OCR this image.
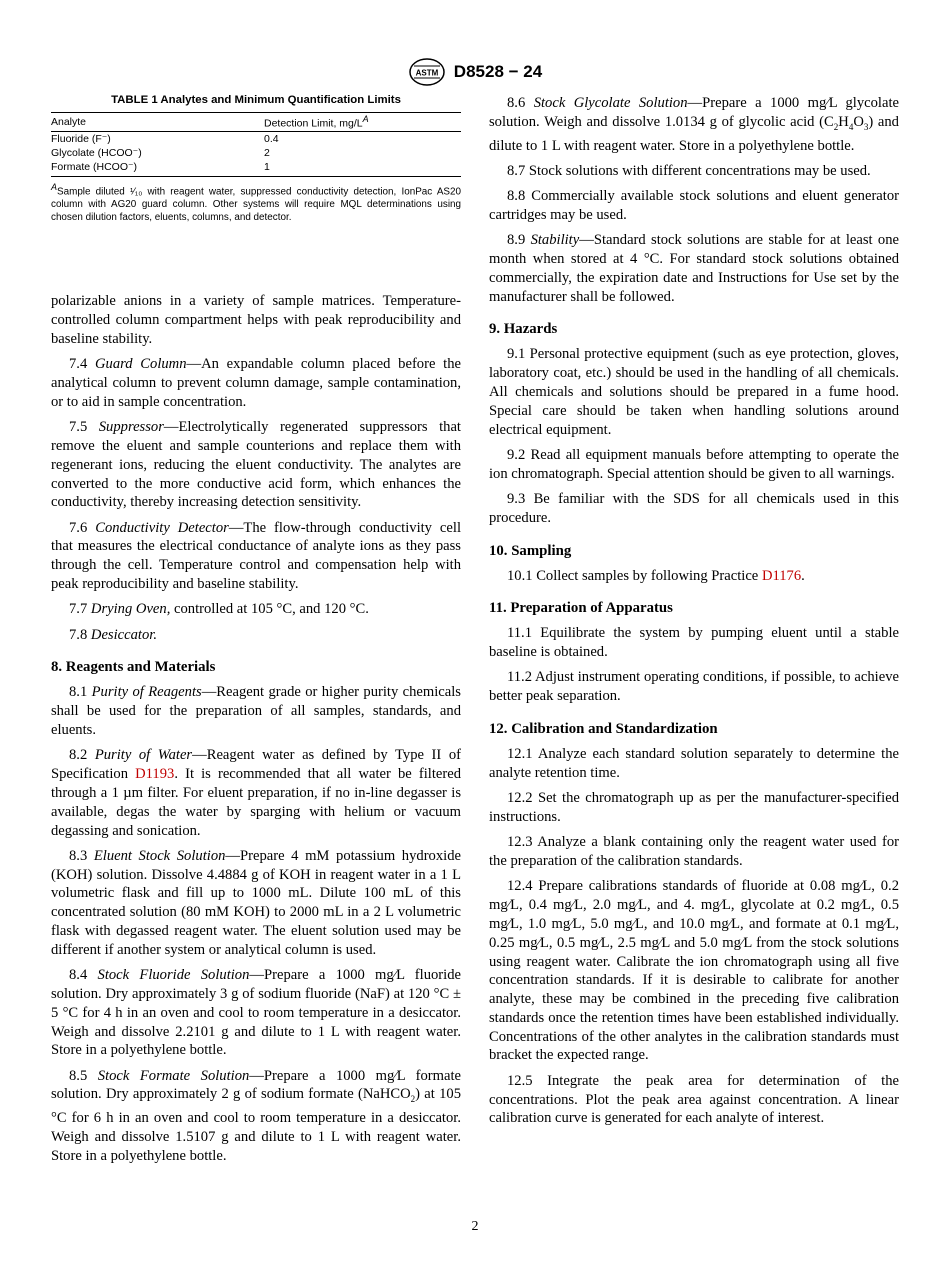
ASTM D8528 − 24
TABLE 1 Analytes and Minimum Quantification Limits
Analyte	Detection Limit, $mg/L^A$
Fluoride (F⁻)	0.4
Glycolate (HCOO⁻)	2
Formate (HCOO⁻)	1
$^A$Sample diluted ¹⁄₁₀ with reagent water, suppressed conductivity detection, IonPac AS20 column with AG20 guard column. Other systems will require MQL determinations using chosen dilution factors, eluents, columns, and detector.

polarizable anions in a variety of sample matrices. Temperature-controlled column compartment helps with peak reproducibility and baseline stability.

7.4 Guard Column—An expandable column placed before the analytical column to prevent column damage, sample contamination, or to aid in sample concentration.

7.5 Suppressor—Electrolytically regenerated suppressors that remove the eluent and sample counterions and replace them with regenerant ions, reducing the eluent conductivity. The analytes are converted to the more conductive acid form, which enhances the conductivity, thereby increasing detection sensitivity.

7.6 Conductivity Detector—The flow-through conductivity cell that measures the electrical conductance of analyte ions as they pass through the cell. Temperature control and compensation help with peak reproducibility and baseline stability.

7.7 Drying Oven, controlled at 105 °C, and 120 °C.

7.8 Desiccator.

8. Reagents and Materials

8.1 Purity of Reagents—Reagent grade or higher purity chemicals shall be used for the preparation of all samples, standards, and eluents.

8.2 Purity of Water—Reagent water as defined by Type II of Specification D1193. It is recommended that all water be filtered through a 1 µm filter. For eluent preparation, if no in-line degasser is available, degas the water by sparging with helium or vacuum degassing and sonication.

8.3 Eluent Stock Solution—Prepare 4 mM potassium hydroxide (KOH) solution. Dissolve 4.4884 g of KOH in reagent water in a 1 L volumetric flask and fill up to 1000 mL. Dilute 100 mL of this concentrated solution (80 mM KOH) to 2000 mL in a 2 L volumetric flask with degassed reagent water. The eluent solution used may be different if another system or analytical column is used.

8.4 Stock Fluoride Solution—Prepare a 1000 mg⁄L fluoride solution. Dry approximately 3 g of sodium fluoride (NaF) at 120 °C ± 5 °C for 4 h in an oven and cool to room temperature in a desiccator. Weigh and dissolve 2.2101 g and dilute to 1 L with reagent water. Store in a polyethylene bottle.

8.5 Stock Formate Solution—Prepare a 1000 mg⁄L formate solution. Dry approximately 2 g of sodium formate (NaHCO$_2$) at 105 °C for 6 h in an oven and cool to room temperature in a desiccator. Weigh and dissolve 1.5107 g and dilute to 1 L with reagent water. Store in a polyethylene bottle.

8.6 Stock Glycolate Solution—Prepare a 1000 mg⁄L glycolate solution. Weigh and dissolve 1.0134 g of glycolic acid $(C_2H_4O_3)$ and dilute to 1 L with reagent water. Store in a polyethylene bottle.

8.7 Stock solutions with different concentrations may be used.

8.8 Commercially available stock solutions and eluent generator cartridges may be used.

8.9 Stability—Standard stock solutions are stable for at least one month when stored at 4 °C. For standard stock solutions obtained commercially, the expiration date and Instructions for Use set by the manufacturer shall be followed.

9. Hazards

9.1 Personal protective equipment (such as eye protection, gloves, laboratory coat, etc.) should be used in the handling of all chemicals. All chemicals and solutions should be prepared in a fume hood. Special care should be taken when handling solutions around electrical equipment.

9.2 Read all equipment manuals before attempting to operate the ion chromatograph. Special attention should be given to all warnings.

9.3 Be familiar with the SDS for all chemicals used in this procedure.

10. Sampling

10.1 Collect samples by following Practice D1176.

11. Preparation of Apparatus

11.1 Equilibrate the system by pumping eluent until a stable baseline is obtained.

11.2 Adjust instrument operating conditions, if possible, to achieve better peak separation.

12. Calibration and Standardization

12.1 Analyze each standard solution separately to determine the analyte retention time.

12.2 Set the chromatograph up as per the manufacturer-specified instructions.

12.3 Analyze a blank containing only the reagent water used for the preparation of the calibration standards.

12.4 Prepare calibrations standards of fluoride at 0.08 mg⁄L, 0.2 mg⁄L, 0.4 mg⁄L, 2.0 mg⁄L, and 4. mg⁄L, glycolate at 0.2 mg⁄L, 0.5 mg⁄L, 1.0 mg⁄L, 5.0 mg⁄L, and 10.0 mg⁄L, and formate at 0.1 mg⁄L, 0.25 mg⁄L, 0.5 mg⁄L, 2.5 mg⁄L and 5.0 mg⁄L from the stock solutions using reagent water. Calibrate the ion chromatograph using all five concentration standards. If it is desirable to calibrate for another analyte, these may be combined in the preceding five calibration standards once the retention times have been established individually. Concentrations of the other analytes in the calibration standards must bracket the expected range.

12.5 Integrate the peak area for determination of the concentrations. Plot the peak area against concentration. A linear calibration curve is generated for each analyte of interest.

2
